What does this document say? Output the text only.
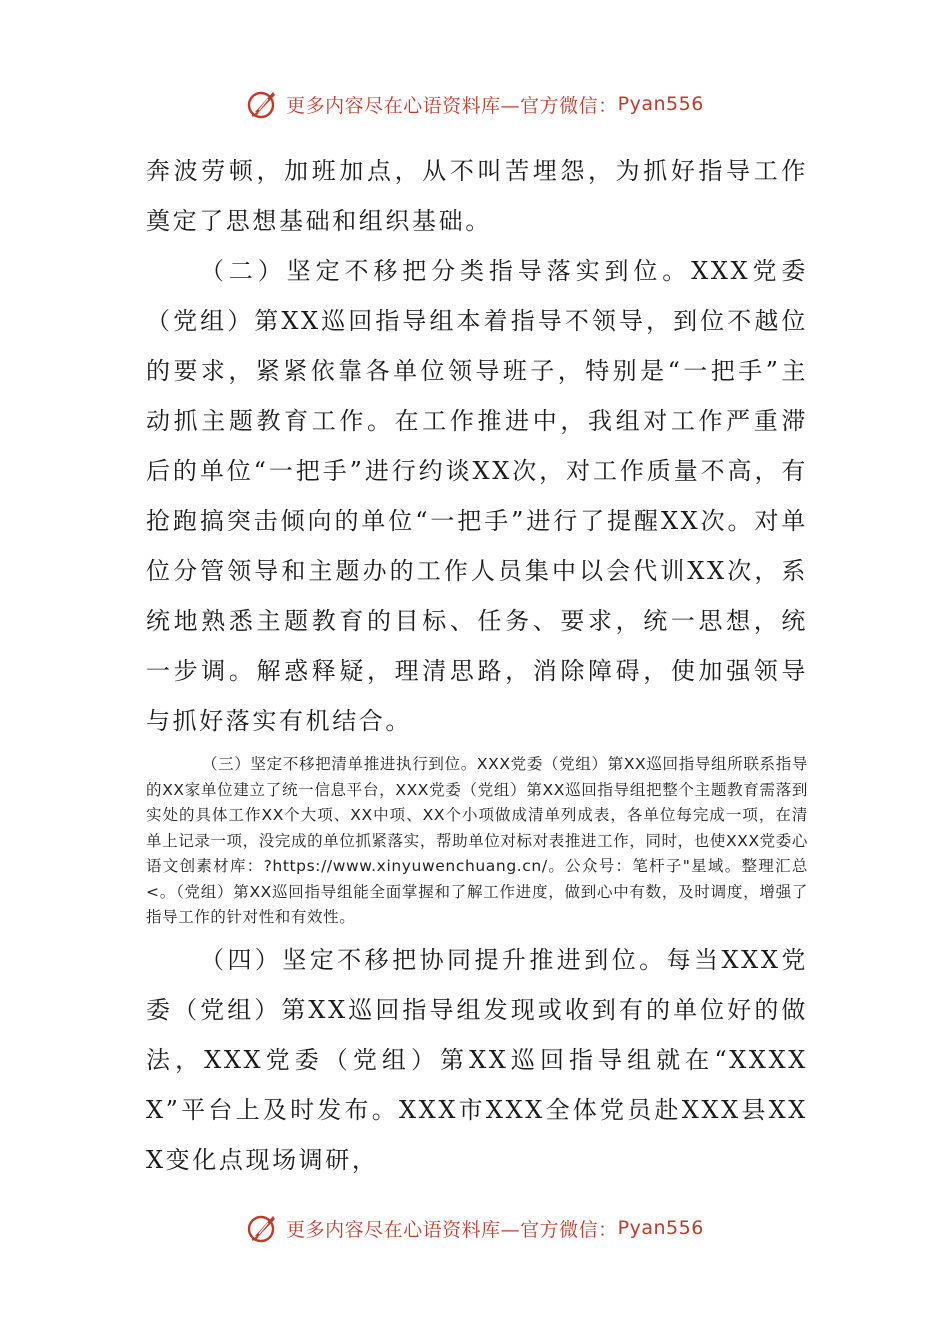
更多内容尽在心语资料库—官方微信： Pyan556

奔波劳顿，加班加点，从不叫苦埋怨，为抓好指导工作奠定了思想基础和组织基础。

（二）坚定不移把分类指导落实到位。XXX党委（党组）第XX巡回指导组本着指导不领导，到位不越位的要求，紧紧依靠各单位领导班子，特别是“一把手”主动抓主题教育工作。在工作推进中，我组对工作严重滞后的单位“一把手”进行约谈XX次，对工作质量不高，有抢跑搞突击倾向的单位“一把手”进行了提醒XX次。对单位分管领导和主题办的工作人员集中以会代训XX次，系统地熟悉主题教育的目标、任务、要求，统一思想，统一步调。解惑释疑，理清思路，消除障碍，使加强领导与抓好落实有机结合。

（三）坚定不移把清单推进执行到位。XXX党委（党组）第XX巡回指导组所联系指导的XX家单位建立了统一信息平台，XXX党委（党组）第XX巡回指导组把整个主题教育需落到实处的具体工作XX个大项、XX中项、XX个小项做成清单列成表，各单位每完成一项，在清单上记录一项，没完成的单位抓紧落实，帮助单位对标对表推进工作，同时，也使XXX党委心语文创素材库：?https://www.xinyuwenchuang.cn/。公众号：笔杆子"星域。整理汇总<。（党组）第XX巡回指导组能全面掌握和了解工作进度，做到心中有数，及时调度，增强了指导工作的针对性和有效性。

（四）坚定不移把协同提升推进到位。每当XXX党委（党组）第XX巡回指导组发现或收到有的单位好的做法，XXX党委（党组）第XX巡回指导组就在“XXXXX”平台上及时发布。XXX市XXX全体党员赴XXX县XXX变化点现场调研，

更多内容尽在心语资料库—官方微信： Pyan556
